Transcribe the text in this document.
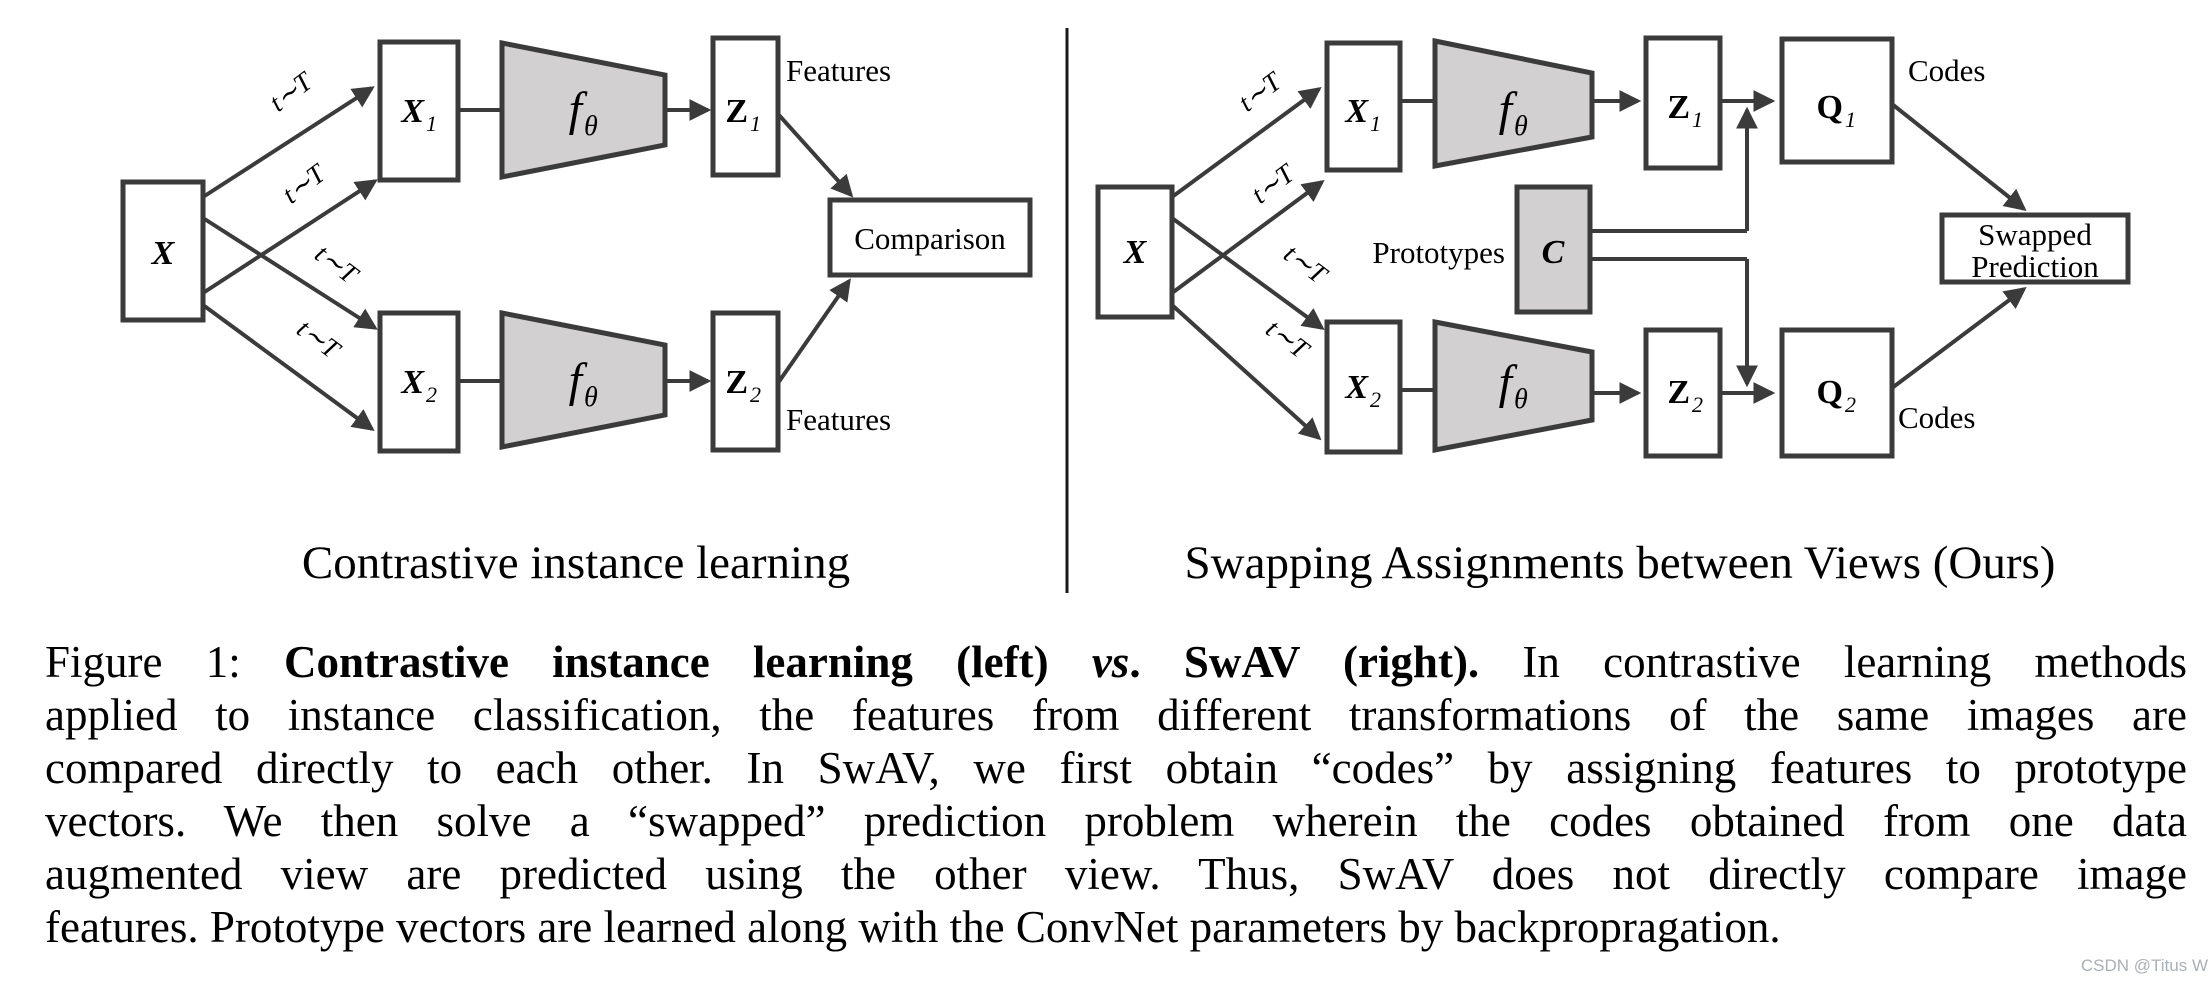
t∼T
t∼T
t∼T
t∼T
X
X 1
X 2
f θ
f θ
Z 1
Z 2
Features
Features
Comparison
Contrastive instance learning
t∼T
t∼T
t∼T
t∼T
X
X 1
X 2
f θ
f θ
C
Z 1
Z 2
Q 1
Q 2
Prototypes
Codes
Codes
Swapped
Prediction
Swapping Assignments between Views (Ours)
Figure 1: Contrastive instance learning (left) vs. SwAV (right). In contrastive learning methods
applied to instance classification, the features from different transformations of the same images are
compared directly to each other. In SwAV, we first obtain “codes” by assigning features to prototype
vectors. We then solve a “swapped” prediction problem wherein the codes obtained from one data
augmented view are predicted using the other view. Thus, SwAV does not directly compare image
features. Prototype vectors are learned along with the ConvNet parameters by backpropragation.
CSDN @Titus W
